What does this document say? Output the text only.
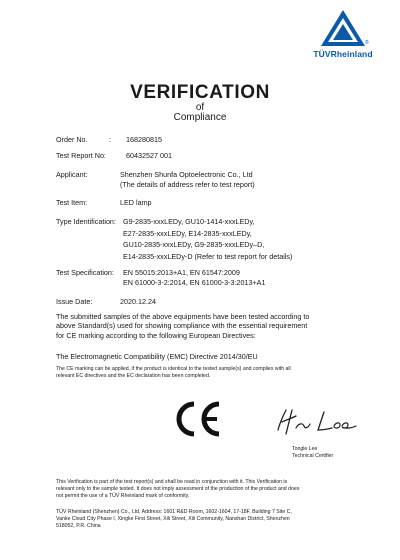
®
TÜVRheinland
VERIFICATION
of
Compliance
Order No.	: 168280815
Test Report No:	60432527 001
Applicant:	Shenzhen Shunfa Optoelectronic Co., Ltd
(The details of address refer to test report)
Test Item:	LED lamp
Type Identification: G9-2835-xxxLEDy, GU10-1414-xxxLEDy,
E27-2835-xxxLEDy, E14-2835-xxxLEDy,
GU10-2835-xxxLEDy, G9-2835-xxxLEDy–D,
E14-2835-xxxLEDy-D (Refer to test report for details)
Test Specification: EN 55015:2013+A1, EN 61547:2009
EN 61000-3-2:2014, EN 61000-3-3:2013+A1
Issue Date:	2020.12.24
The submitted samples of the above equipments have been tested according to
above Standard(s) used for showing compliance with the essential requirement
for CE marking according to the following European Directives:
The Electromagnetic Compatibility (EMC) Directive 2014/30/EU
The CE marking can be applied, if the product is identical to the tested sample(s) and complies with all
relevant EC directives and the EC declaration has been completed.
Tongle Lee
Technical Certifier
This Verification is part of the test report(s) and shall be read in conjunction with it. This Verification is
relevant only to the sample tested. It does not imply assessment of the production of the product and does
not permit the use of a TÜV Rheinland mark of conformity.
TÜV Rheinland (Shenzhen) Co., Ltd. Address: 1601 R&D Room, 1602-1604, 17-18F, Building 7 Site C,
Vanke Cloud City Phase I, Xingke First Street, Xili Street, Xili Community, Nanshan District, Shenzhen
518052, P.R. China
